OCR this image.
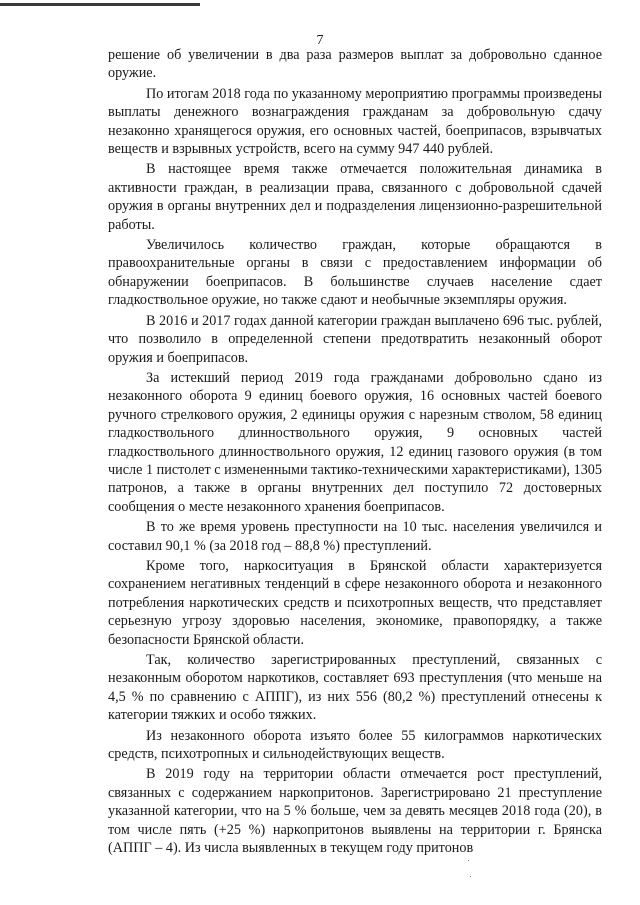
7

решение об увеличении в два раза размеров выплат за добровольно сданное оружие.

По итогам 2018 года по указанному мероприятию программы произведены выплаты денежного вознаграждения гражданам за добровольную сдачу незаконно хранящегося оружия, его основных частей, боеприпасов, взрывчатых веществ и взрывных устройств, всего на сумму 947 440 рублей.

В настоящее время также отмечается положительная динамика в активности граждан, в реализации права, связанного с добровольной сдачей оружия в органы внутренних дел и подразделения лицензионно-разрешительной работы.

Увеличилось количество граждан, которые обращаются в правоохранительные органы в связи с предоставлением информации об обнаружении боеприпасов. В большинстве случаев население сдает гладкоствольное оружие, но также сдают и необычные экземпляры оружия.

В 2016 и 2017 годах данной категории граждан выплачено 696 тыс. рублей, что позволило в определенной степени предотвратить незаконный оборот оружия и боеприпасов.

За истекший период 2019 года гражданами добровольно сдано из незаконного оборота 9 единиц боевого оружия, 16 основных частей боевого ручного стрелкового оружия, 2 единицы оружия с нарезным стволом, 58 единиц гладкоствольного длинноствольного оружия, 9 основных частей гладкоствольного длинноствольного оружия, 12 единиц газового оружия (в том числе 1 пистолет с измененными тактико-техническими характеристиками), 1305 патронов, а также в органы внутренних дел поступило 72 достоверных сообщения о месте незаконного хранения боеприпасов.

В то же время уровень преступности на 10 тыс. населения увеличился и составил 90,1 % (за 2018 год – 88,8 %) преступлений.

Кроме того, наркоситуация в Брянской области характеризуется сохранением негативных тенденций в сфере незаконного оборота и незаконного потребления наркотических средств и психотропных веществ, что представляет серьезную угрозу здоровью населения, экономике, правопорядку, а также безопасности Брянской области.

Так, количество зарегистрированных преступлений, связанных с незаконным оборотом наркотиков, составляет 693 преступления (что меньше на 4,5 % по сравнению с АППГ), из них 556 (80,2 %) преступлений отнесены к категории тяжких и особо тяжких.

Из незаконного оборота изъято более 55 килограммов наркотических средств, психотропных и сильнодействующих веществ.

В 2019 году на территории области отмечается рост преступлений, связанных с содержанием наркопритонов. Зарегистрировано 21 преступление указанной категории, что на 5 % больше, чем за девять месяцев 2018 года (20), в том числе пять (+25 %) наркопритонов выявлены на территории г. Брянска (АППГ – 4). Из числа выявленных в текущем году притонов
